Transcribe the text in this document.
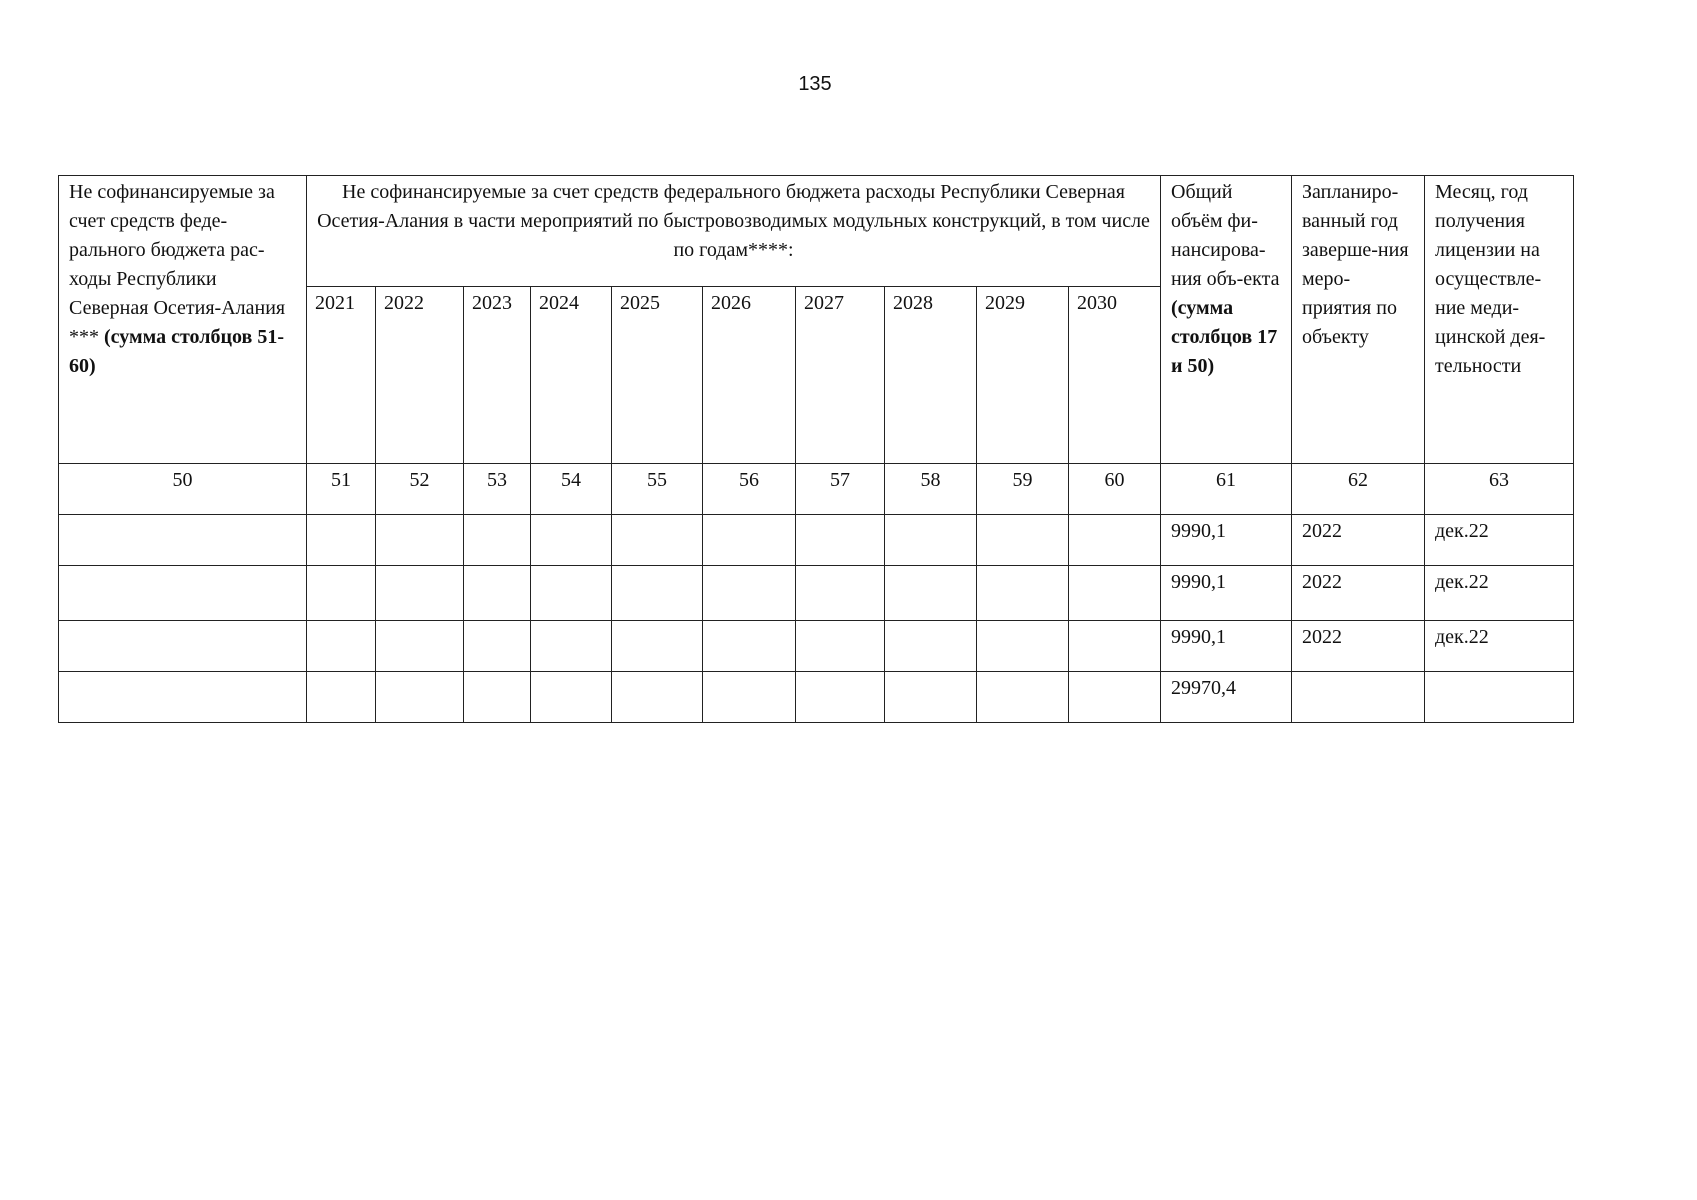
135
Не софинансируемые за счет средств феде-рального бюджета рас-ходы Республики Северная Осетия-Алания *** (сумма столбцов 51-60)	Не софинансируемые за счет средств федерального бюджета расходы Республики Северная Осетия-Алания в части мероприятий по быстровозводимых модульных конструкций, в том числе по годам****:										Общий объём фи-нансирова-ния объ-екта (сумма столбцов 17 и 50)	Запланиро-ванный год заверше-ния меро-приятия по объекту	Месяц, год получения лицензии на осуществле-ние меди-цинской дея-тельности
	2021	2022	2023	2024	2025	2026	2027	2028	2029	2030			
50	51	52	53	54	55	56	57	58	59	60	61	62	63
											9990,1	2022	дек.22
											9990,1	2022	дек.22
											9990,1	2022	дек.22
											29970,4		
